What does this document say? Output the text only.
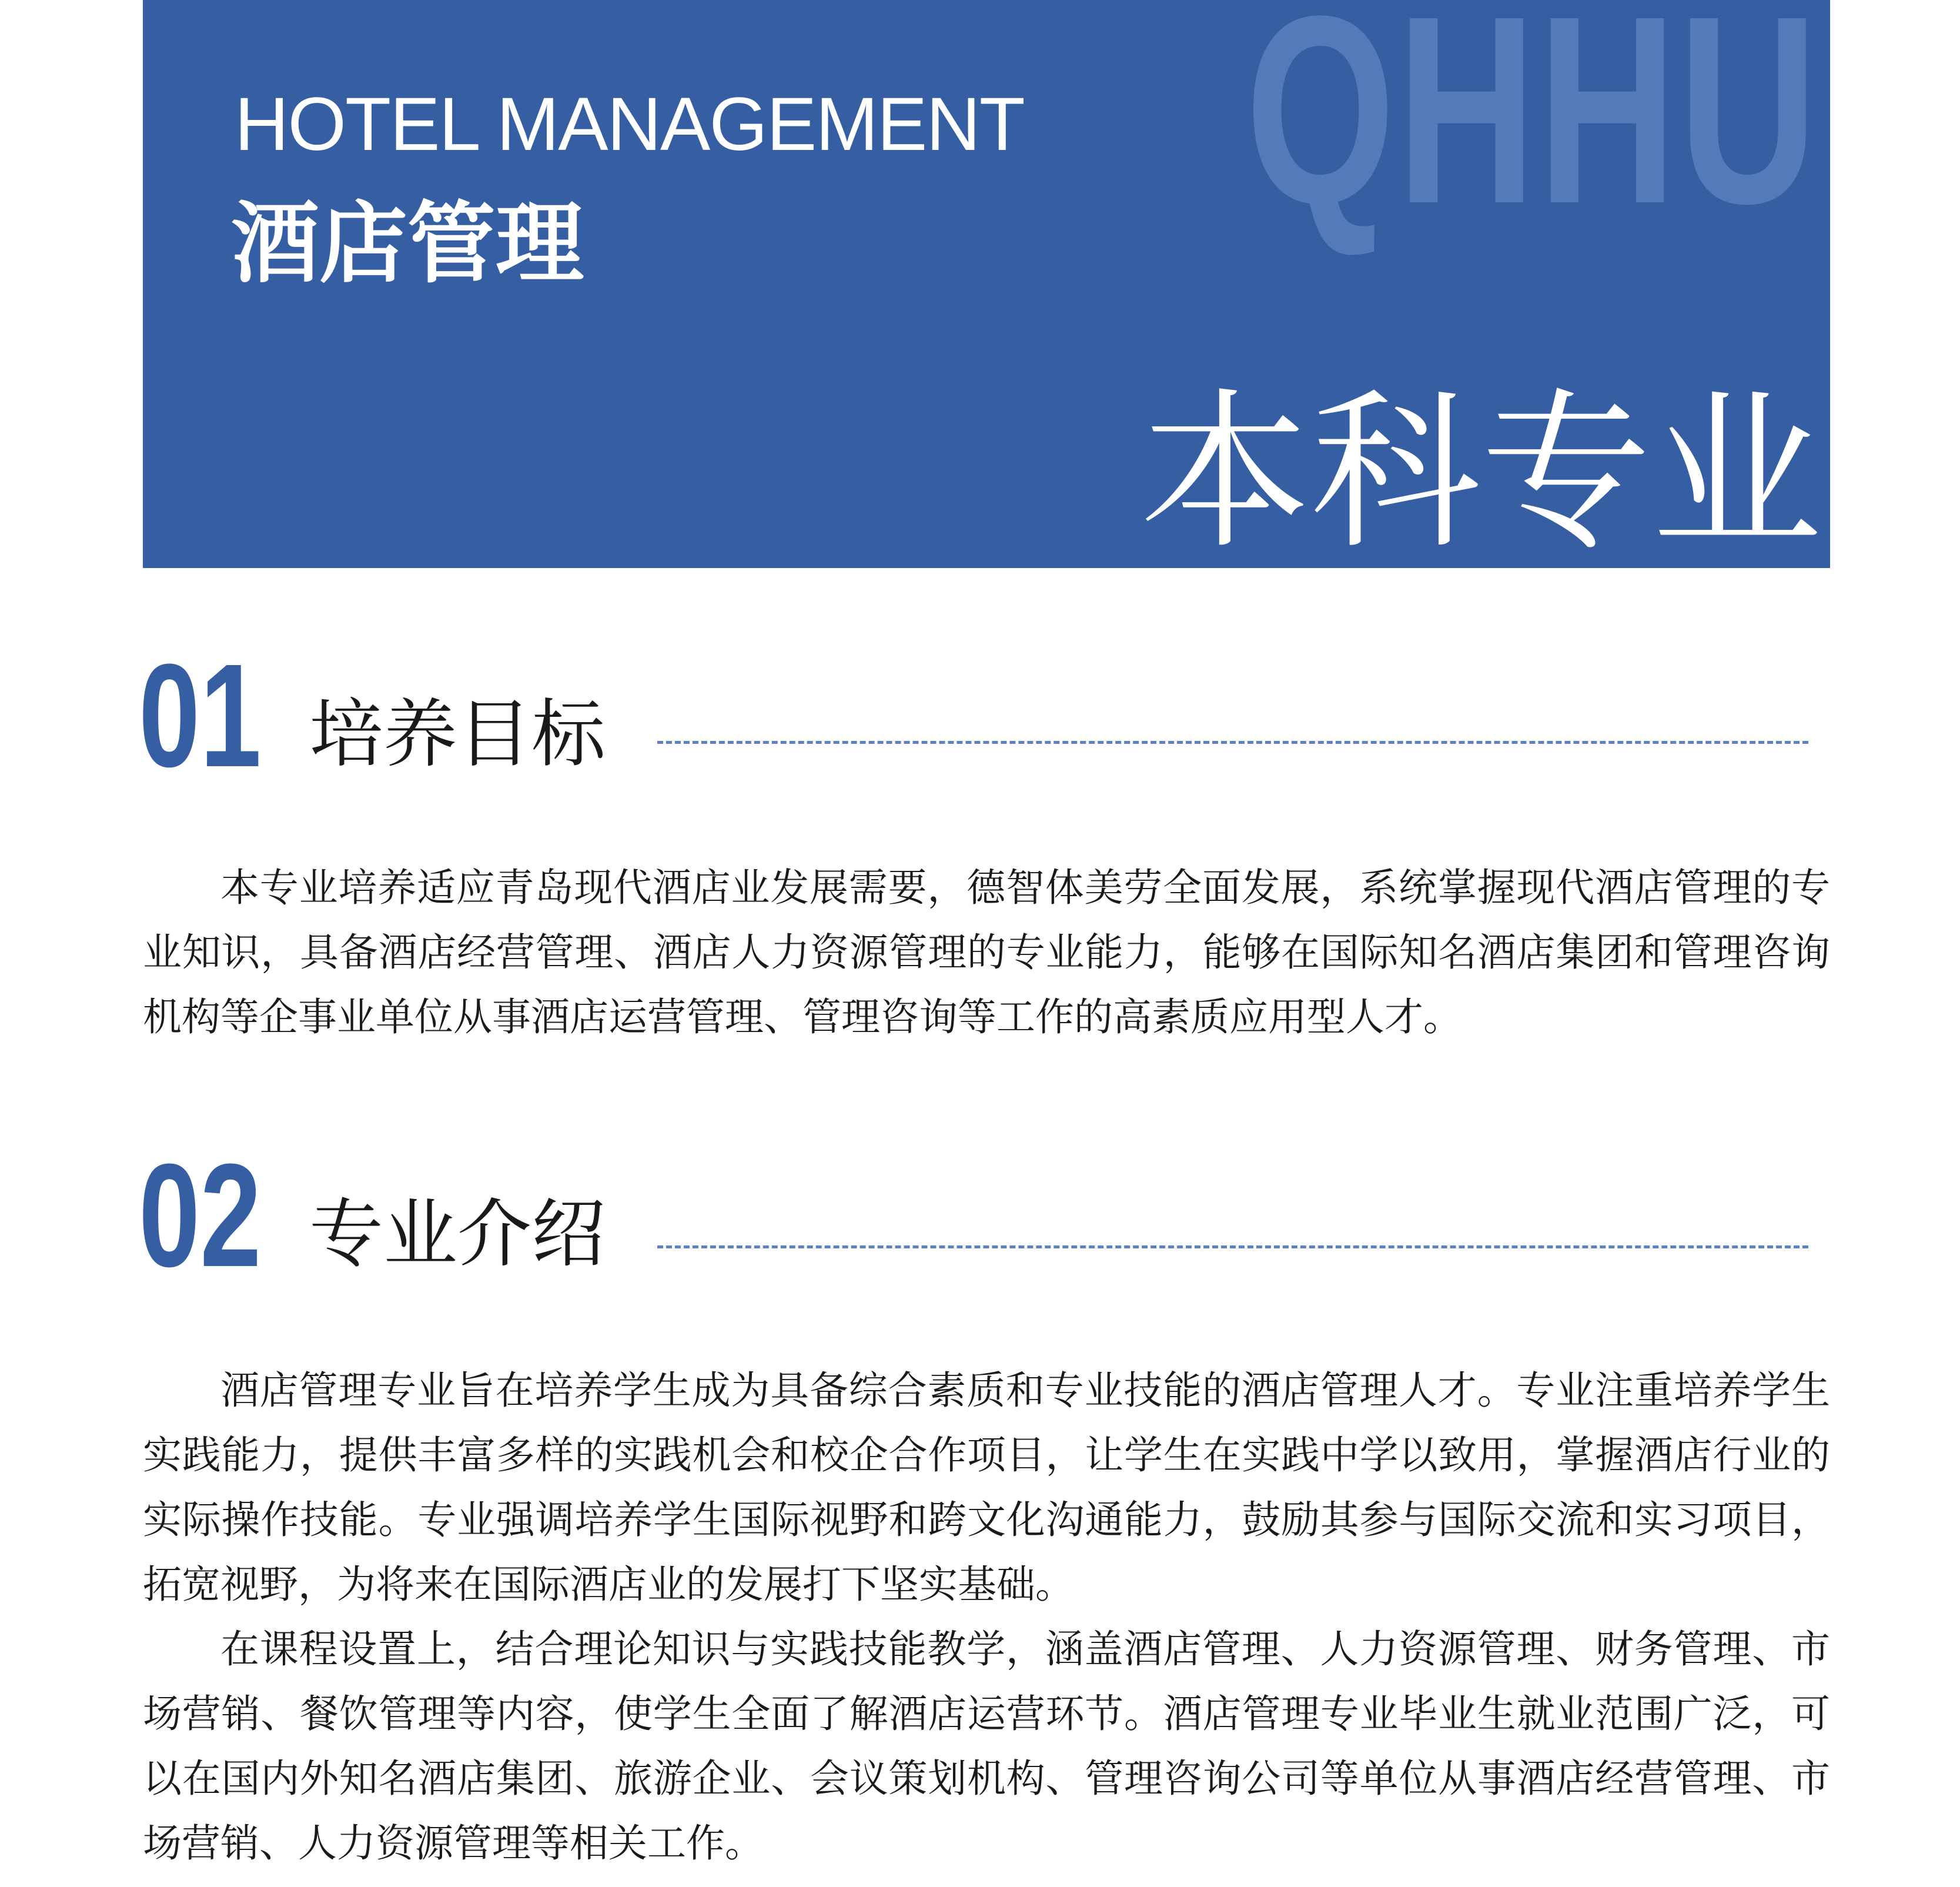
QHHU
HOTEL MANAGEMENT
酒店管理
本科专业
01 培养目标

本专业培养适应青岛现代酒店业发展需要，德智体美劳全面发展，系统掌握现代酒店管理的专业知识，具备酒店经营管理、酒店人力资源管理的专业能力，能够在国际知名酒店集团和管理咨询机构等企事业单位从事酒店运营管理、管理咨询等工作的高素质应用型人才。

02 专业介绍

酒店管理专业旨在培养学生成为具备综合素质和专业技能的酒店管理人才。专业注重培养学生实践能力，提供丰富多样的实践机会和校企合作项目，让学生在实践中学以致用，掌握酒店行业的实际操作技能。专业强调培养学生国际视野和跨文化沟通能力，鼓励其参与国际交流和实习项目，拓宽视野，为将来在国际酒店业的发展打下坚实基础。

在课程设置上，结合理论知识与实践技能教学，涵盖酒店管理、人力资源管理、财务管理、市场营销、餐饮管理等内容，使学生全面了解酒店运营环节。酒店管理专业毕业生就业范围广泛，可以在国内外知名酒店集团、旅游企业、会议策划机构、管理咨询公司等单位从事酒店经营管理、市场营销、人力资源管理等相关工作。
